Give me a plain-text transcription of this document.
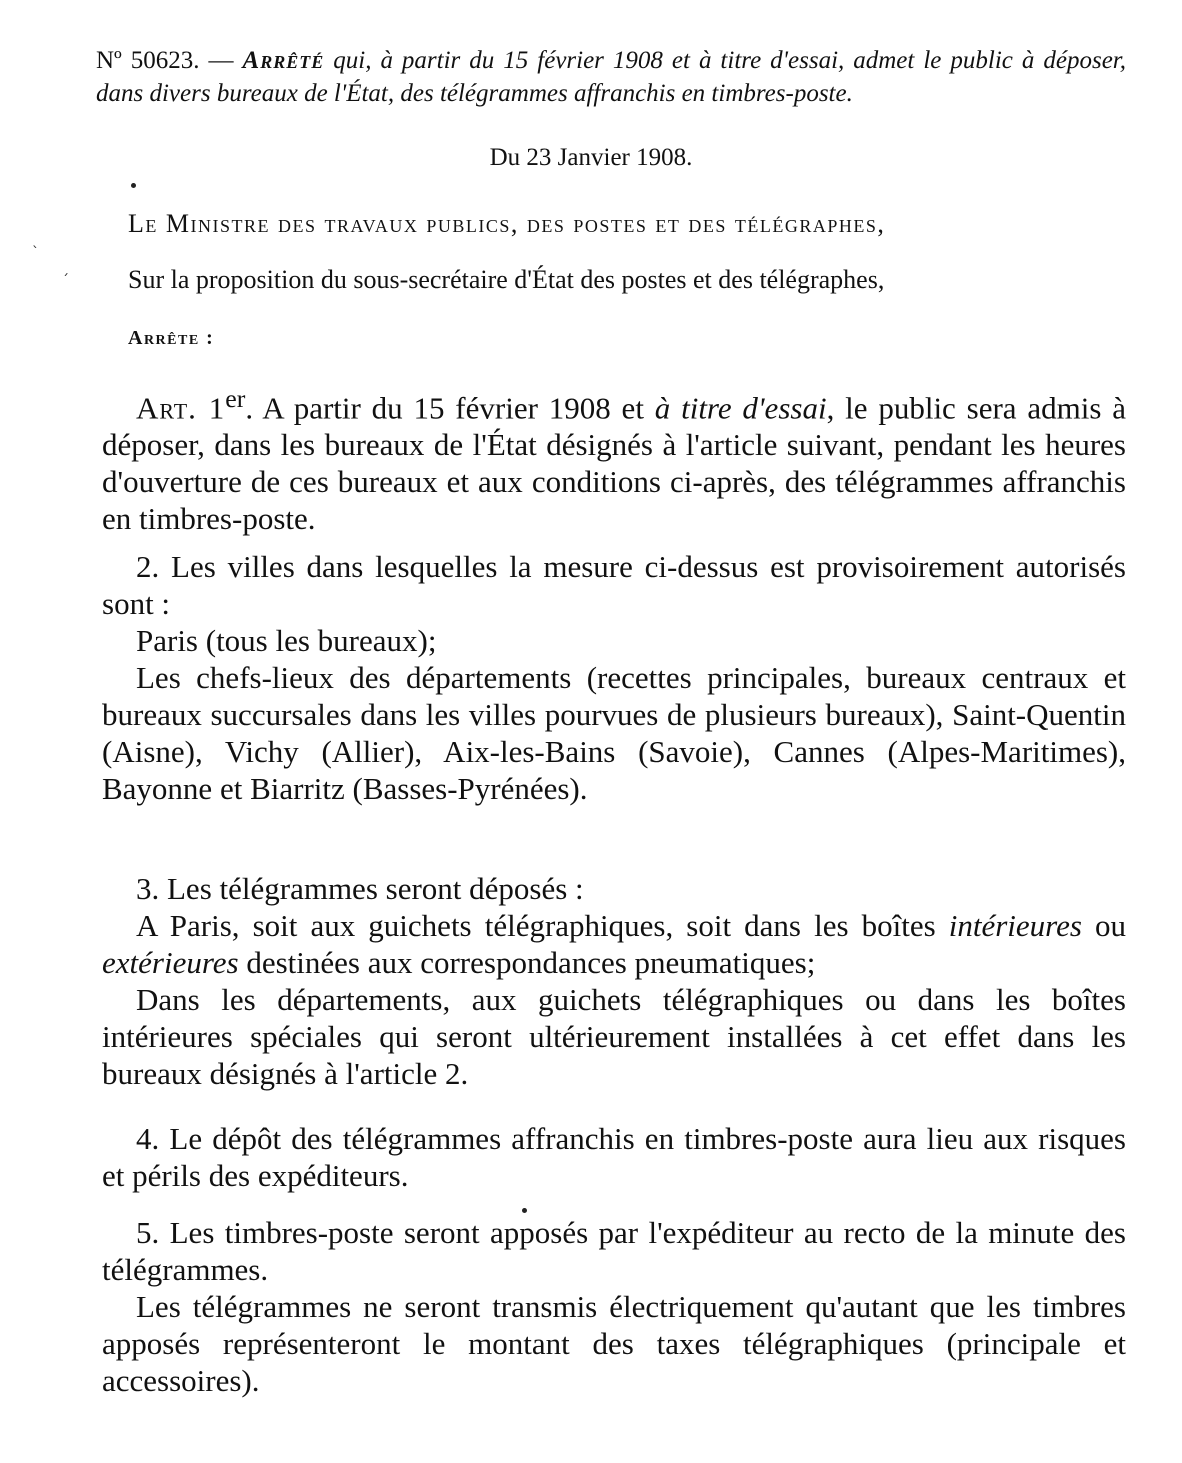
Nº 50623. — Arrêté qui, à partir du 15 février 1908 et à titre d'essai, admet le public à déposer, dans divers bureaux de l'État, des télégrammes affranchis en timbres-poste.
Du 23 Janvier 1908.
ˋ
ˊ
Le Ministre des travaux publics, des postes et des télégraphes,
Sur la proposition du sous-secrétaire d'État des postes et des télégraphes,
Arrête :

Art. 1er. A partir du 15 février 1908 et à titre d'essai, le public sera admis à déposer, dans les bureaux de l'État désignés à l'article suivant, pendant les heures d'ouverture de ces bureaux et aux conditions ci-après, des télégrammes affranchis en timbres-poste.

2. Les villes dans lesquelles la mesure ci-dessus est provisoirement autorisés sont :

Paris (tous les bureaux);

Les chefs-lieux des départements (recettes principales, bureaux centraux et bureaux succursales dans les villes pourvues de plusieurs bureaux), Saint-Quentin (Aisne), Vichy (Allier), Aix-les-Bains (Savoie), Cannes (Alpes-Maritimes), Bayonne et Biarritz (Basses-Pyrénées).

3. Les télégrammes seront déposés :

A Paris, soit aux guichets télégraphiques, soit dans les boîtes intérieures ou extérieures destinées aux correspondances pneumatiques;

Dans les départements, aux guichets télégraphiques ou dans les boîtes intérieures spéciales qui seront ultérieurement installées à cet effet dans les bureaux désignés à l'article 2.

4. Le dépôt des télégrammes affranchis en timbres-poste aura lieu aux risques et périls des expéditeurs.

5. Les timbres-poste seront apposés par l'expéditeur au recto de la minute des télégrammes.

Les télégrammes ne seront transmis électriquement qu'autant que les timbres apposés représenteront le montant des taxes télégraphiques (principale et accessoires).
